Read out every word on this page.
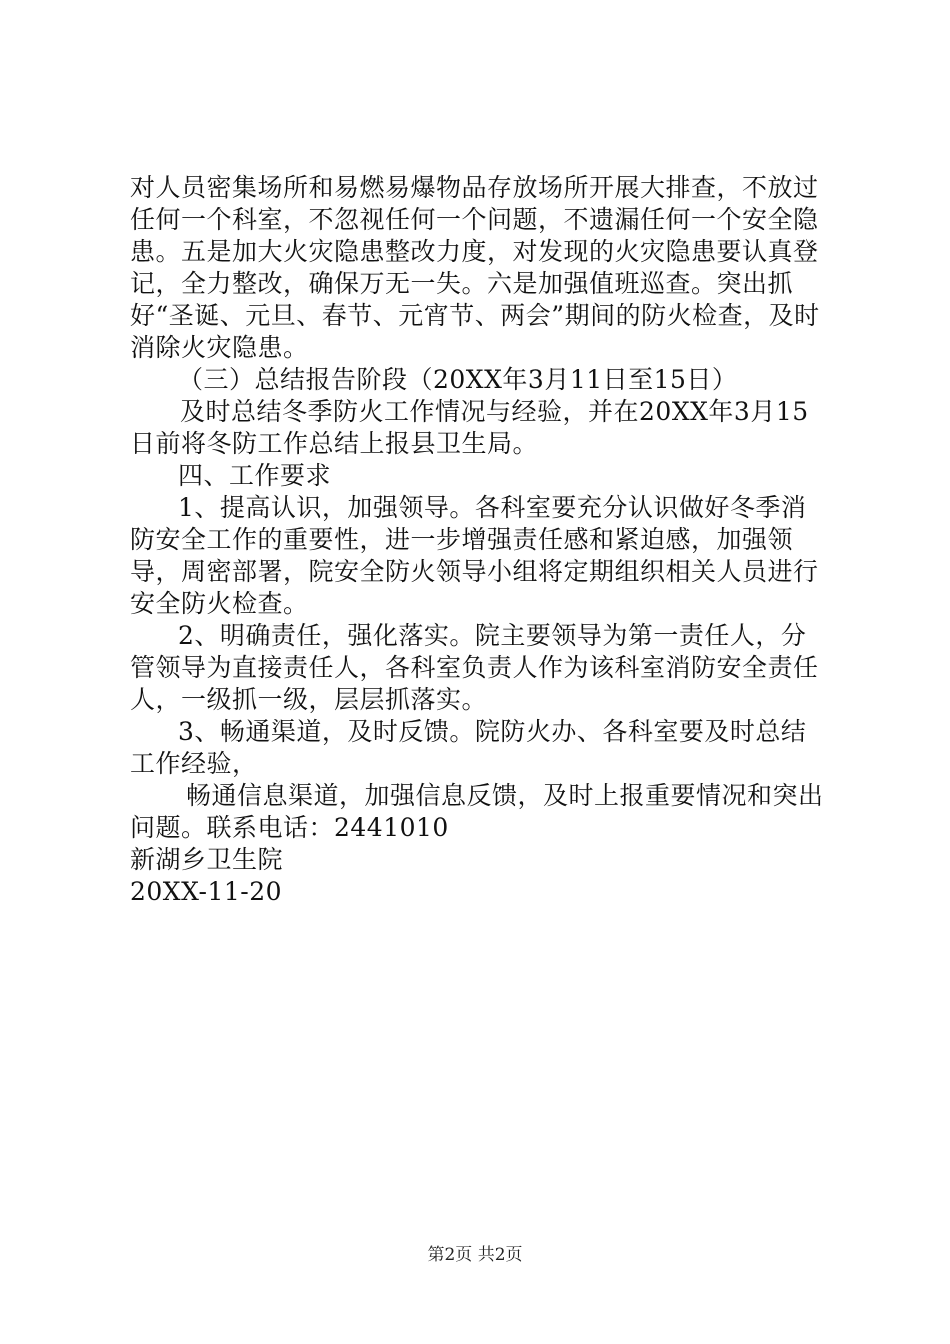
对人员密集场所和易燃易爆物品存放场所开展大排查，不放过任何一个科室，不忽视任何一个问题，不遗漏任何一个安全隐患。五是加大火灾隐患整改力度，对发现的火灾隐患要认真登记，全力整改，确保万无一失。六是加强值班巡查。突出抓好“圣诞、元旦、春节、元宵节、两会”期间的防火检查，及时消除火灾隐患。

（三）总结报告阶段（20XX年3月11日至15日）

及时总结冬季防火工作情况与经验，并在20XX年3月15日前将冬防工作总结上报县卫生局。

四、工作要求

1、提高认识，加强领导。各科室要充分认识做好冬季消防安全工作的重要性，进一步增强责任感和紧迫感，加强领导，周密部署，院安全防火领导小组将定期组织相关人员进行安全防火检查。

2、明确责任，强化落实。院主要领导为第一责任人，分管领导为直接责任人，各科室负责人作为该科室消防安全责任人，一级抓一级，层层抓落实。

3、畅通渠道，及时反馈。院防火办、各科室要及时总结工作经验，

畅通信息渠道，加强信息反馈，及时上报重要情况和突出问题。联系电话：2441010

新湖乡卫生院

20XX-11-20

第2页 共2页
